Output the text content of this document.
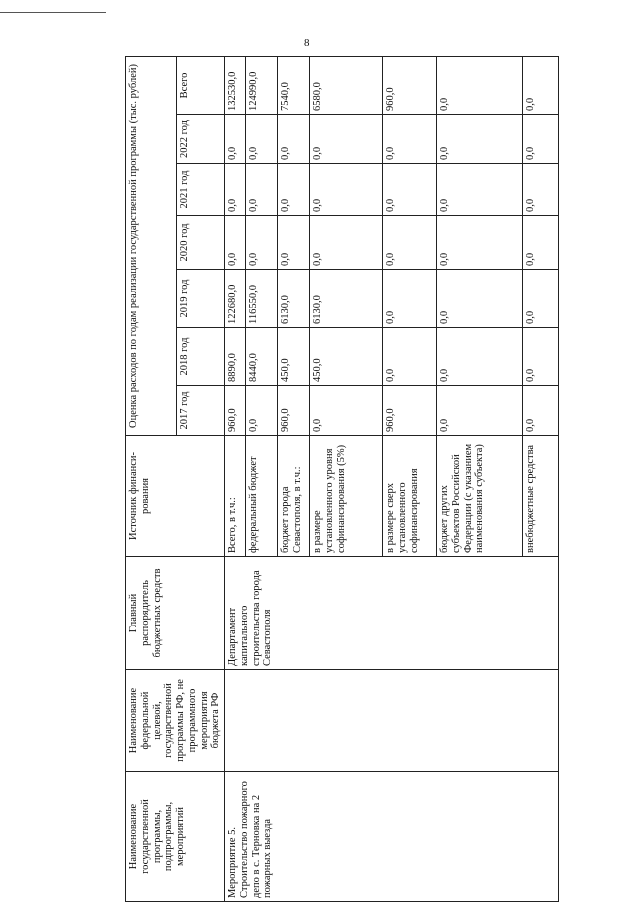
8
Наименование государственной программы, подпрограммы, мероприятий	Наименование федеральной целевой, государственной программы РФ, не программного мероприятия бюджета РФ	Главный распорядитель бюджетных средств	Источник финанси-рования	Оценка расходов по годам реализации государственной программы (тыс. рублей)						
				2017 год	2018 год	2019 год	2020 год	2021 год	2022 год	Всего
Мероприятие 5. Строительство пожарного депо в с. Терновка на 2 пожарных выезда		Департамент капитального строительства города Севастополя	Всего, в т.ч.:	960,0	8890,0	122680,0	0,0	0,0	0,0	132530,0
			федеральный бюджет	0,0	8440,0	116550,0	0,0	0,0	0,0	124990,0
			бюджет города Севастополя, в т.ч.:	960,0	450,0	6130,0	0,0	0,0	0,0	7540,0
			в размере установленного уровня софинансирования (5%)	0,0	450,0	6130,0	0,0	0,0	0,0	6580,0
			в размере сверх установленного софинансирования	960,0	0,0	0,0	0,0	0,0	0,0	960,0
			бюджет других субъектов Российской Федерации (с указанием наименования субъекта)	0,0	0,0	0,0	0,0	0,0	0,0	0,0
			внебюджетные средства	0,0	0,0	0,0	0,0	0,0	0,0	0,0
